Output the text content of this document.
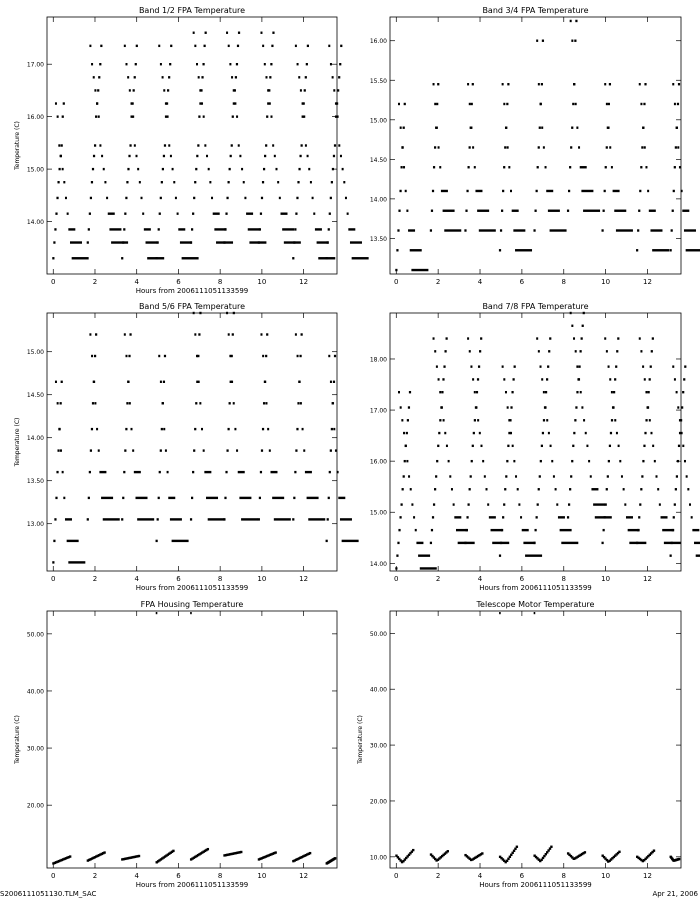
Band 1/2 FPA Temperature
Hours from 2006111051133599
Temperature (C)
0	2	4	6	8	10	12
14.00
15.00
16.00
17.00
Band 3/4 FPA Temperature
0	2	4	6	8	10	12
13.50
14.00
14.50
15.00
15.50
16.00
Band 5/6 FPA Temperature
Hours from 2006111051133599
Temperature (C)
0	2	4	6	8	10	12
13.00
13.50
14.00
14.50
15.00
Band 7/8 FPA Temperature
Hours from 2006111051133599
0	2	4	6	8	10	12
14.00
15.00
16.00
17.00
18.00
FPA Housing Temperature
Hours from 2006111051133599
Temperature (C)
0	2	4	6	8	10	12
20.00
30.00
40.00
50.00
Telescope Motor Temperature
Hours from 2006111051133599
Temperature (C)
0	2	4	6	8	10	12
10.00
20.00
30.00
40.00
50.00
S2006111051130.TLM_SAC	Apr 21, 2006
